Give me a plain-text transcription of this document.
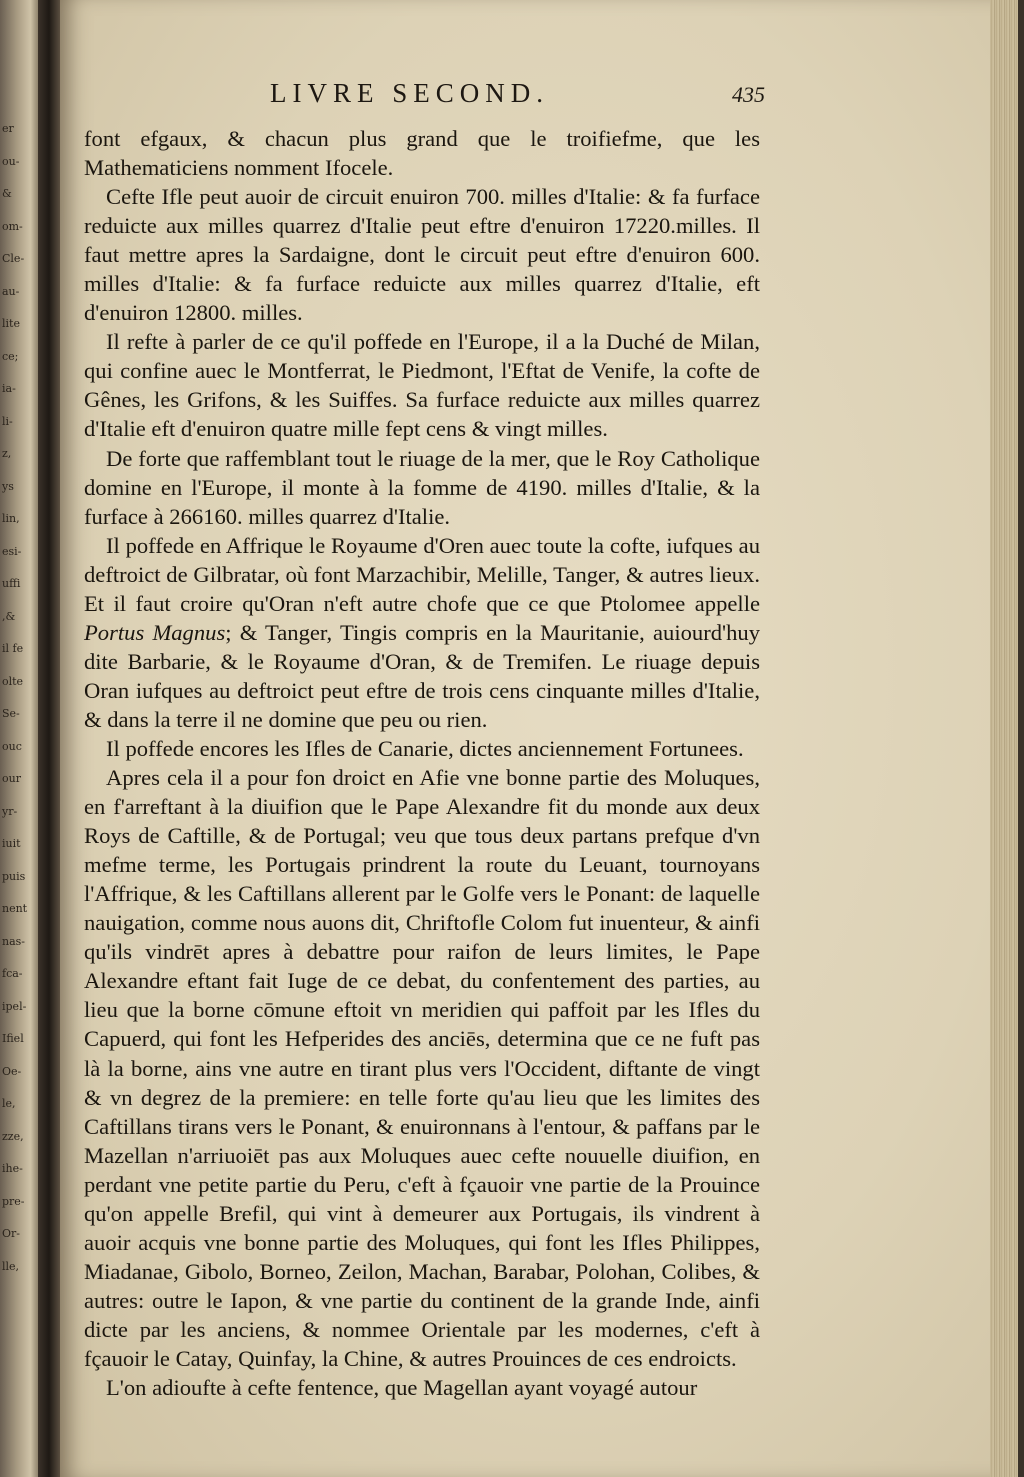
er
ou-
&
om-
Cle-
au-
lite
ce;
ia-
li-
z,
ys
lin,
esi-
uffi
,&
il fe
olte
Se-
ouc
our
yr-
iuit
puis
nent
nas-
fca-
ipel-
Ifiel
Oe-
le,
zze,
ihe-
pre-
Or-
lle,
LIVRE SECOND.	435

font efgaux, & chacun plus grand que le troifiefme, que les Mathematiciens nomment Ifocele.

Cefte Ifle peut auoir de circuit enuiron 700. milles d'Italie: & fa furface reduicte aux milles quarrez d'Italie peut eftre d'enuiron 17220.milles. Il faut mettre apres la Sardaigne, dont le circuit peut eftre d'enuiron 600. milles d'Italie: & fa furface reduicte aux milles quarrez d'Italie, eft d'enuiron 12800. milles.

Il refte à parler de ce qu'il poffede en l'Europe, il a la Duché de Milan, qui confine auec le Montferrat, le Piedmont, l'Eftat de Venife, la cofte de Gênes, les Grifons, & les Suiffes. Sa furface reduicte aux milles quarrez d'Italie eft d'enuiron quatre mille fept cens & vingt milles.

De forte que raffemblant tout le riuage de la mer, que le Roy Catholique domine en l'Europe, il monte à la fomme de 4190. milles d'Italie, & la furface à 266160. milles quarrez d'Italie.

Il poffede en Affrique le Royaume d'Oren auec toute la cofte, iufques au deftroict de Gilbratar, où font Marzachibir, Melille, Tanger, & autres lieux. Et il faut croire qu'Oran n'eft autre chofe que ce que Ptolomee appelle Portus Magnus; & Tanger, Tingis compris en la Mauritanie, auiourd'huy dite Barbarie, & le Royaume d'Oran, & de Tremifen. Le riuage depuis Oran iufques au deftroict peut eftre de trois cens cinquante milles d'Italie, & dans la terre il ne domine que peu ou rien.

Il poffede encores les Ifles de Canarie, dictes anciennement Fortunees.

Apres cela il a pour fon droict en Afie vne bonne partie des Moluques, en f'arreftant à la diuifion que le Pape Alexandre fit du monde aux deux Roys de Caftille, & de Portugal; veu que tous deux partans prefque d'vn mefme terme, les Portugais prindrent la route du Leuant, tournoyans l'Affrique, & les Caftillans allerent par le Golfe vers le Ponant: de laquelle nauigation, comme nous auons dit, Chriftofle Colom fut inuenteur, & ainfi qu'ils vindrēt apres à debattre pour raifon de leurs limites, le Pape Alexandre eftant fait Iuge de ce debat, du confentement des parties, au lieu que la borne cōmune eftoit vn meridien qui paffoit par les Ifles du Capuerd, qui font les Hefperides des anciēs, determina que ce ne fuft pas là la borne, ains vne autre en tirant plus vers l'Occident, diftante de vingt & vn degrez de la premiere: en telle forte qu'au lieu que les limites des Caftillans tirans vers le Ponant, & enuironnans à l'entour, & paffans par le Mazellan n'arriuoiēt pas aux Moluques auec cefte nouuelle diuifion, en perdant vne petite partie du Peru, c'eft à fçauoir vne partie de la Prouince qu'on appelle Brefil, qui vint à demeurer aux Portugais, ils vindrent à auoir acquis vne bonne partie des Moluques, qui font les Ifles Philippes, Miadanae, Gibolo, Borneo, Zeilon, Machan, Barabar, Polohan, Colibes, & autres: outre le Iapon, & vne partie du continent de la grande Inde, ainfi dicte par les anciens, & nommee Orientale par les modernes, c'eft à fçauoir le Catay, Quinfay, la Chine, & autres Prouinces de ces endroicts.

L'on adioufte à cefte fentence, que Magellan ayant voyagé autour
